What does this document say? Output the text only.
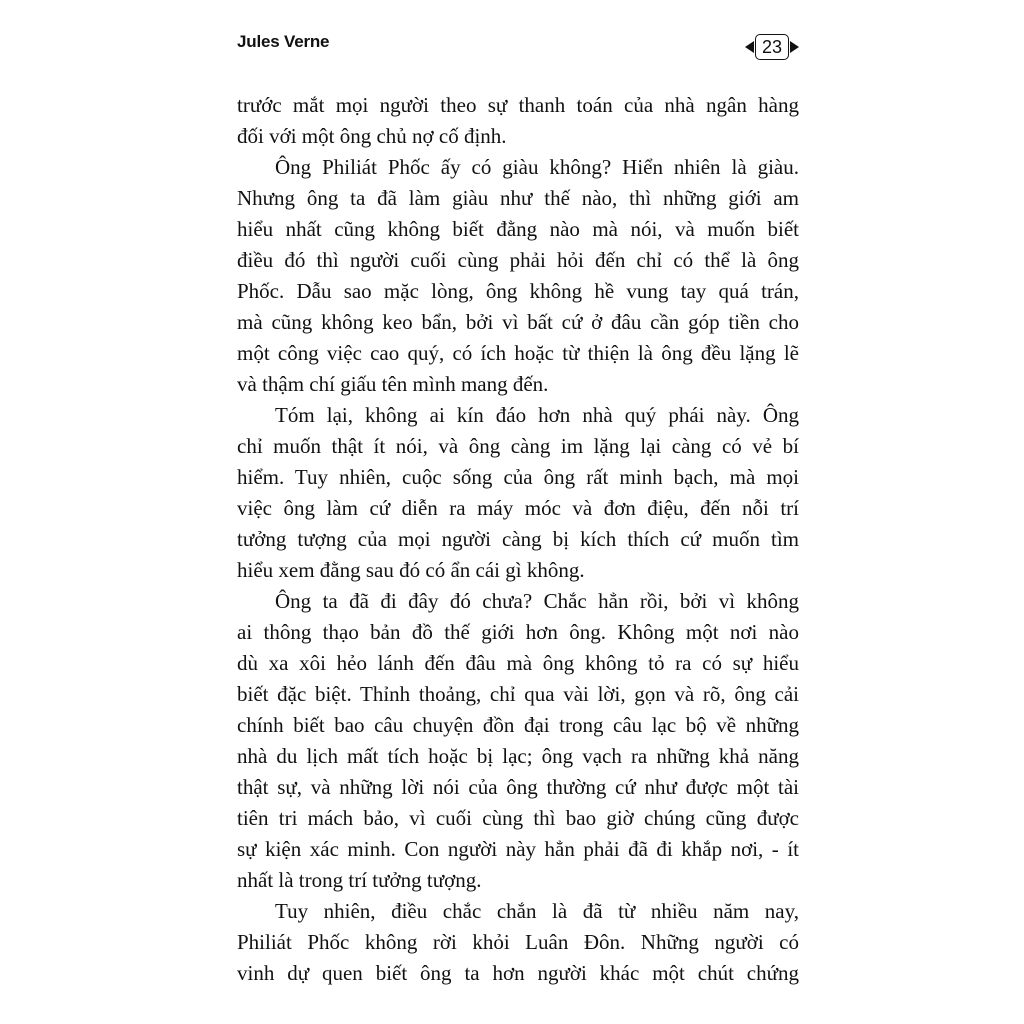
Jules Verne	23
trước mắt mọi người theo sự thanh toán của nhà ngân hàng
đối với một ông chủ nợ cố định.
Ông Philiát Phốc ấy có giàu không? Hiển nhiên là giàu.
Nhưng ông ta đã làm giàu như thế nào, thì những giới am
hiểu nhất cũng không biết đằng nào mà nói, và muốn biết
điều đó thì người cuối cùng phải hỏi đến chỉ có thể là ông
Phốc. Dẫu sao mặc lòng, ông không hề vung tay quá trán,
mà cũng không keo bẩn, bởi vì bất cứ ở đâu cần góp tiền cho
một công việc cao quý, có ích hoặc từ thiện là ông đều lặng lẽ
và thậm chí giấu tên mình mang đến.
Tóm lại, không ai kín đáo hơn nhà quý phái này. Ông
chỉ muốn thật ít nói, và ông càng im lặng lại càng có vẻ bí
hiểm. Tuy nhiên, cuộc sống của ông rất minh bạch, mà mọi
việc ông làm cứ diễn ra máy móc và đơn điệu, đến nỗi trí
tưởng tượng của mọi người càng bị kích thích cứ muốn tìm
hiểu xem đằng sau đó có ẩn cái gì không.
Ông ta đã đi đây đó chưa? Chắc hẳn rồi, bởi vì không
ai thông thạo bản đồ thế giới hơn ông. Không một nơi nào
dù xa xôi hẻo lánh đến đâu mà ông không tỏ ra có sự hiểu
biết đặc biệt. Thỉnh thoảng, chỉ qua vài lời, gọn và rõ, ông cải
chính biết bao câu chuyện đồn đại trong câu lạc bộ về những
nhà du lịch mất tích hoặc bị lạc; ông vạch ra những khả năng
thật sự, và những lời nói của ông thường cứ như được một tài
tiên tri mách bảo, vì cuối cùng thì bao giờ chúng cũng được
sự kiện xác minh. Con người này hẳn phải đã đi khắp nơi, - ít
nhất là trong trí tưởng tượng.
Tuy nhiên, điều chắc chắn là đã từ nhiều năm nay,
Philiát Phốc không rời khỏi Luân Đôn. Những người có
vinh dự quen biết ông ta hơn người khác một chút chứng
